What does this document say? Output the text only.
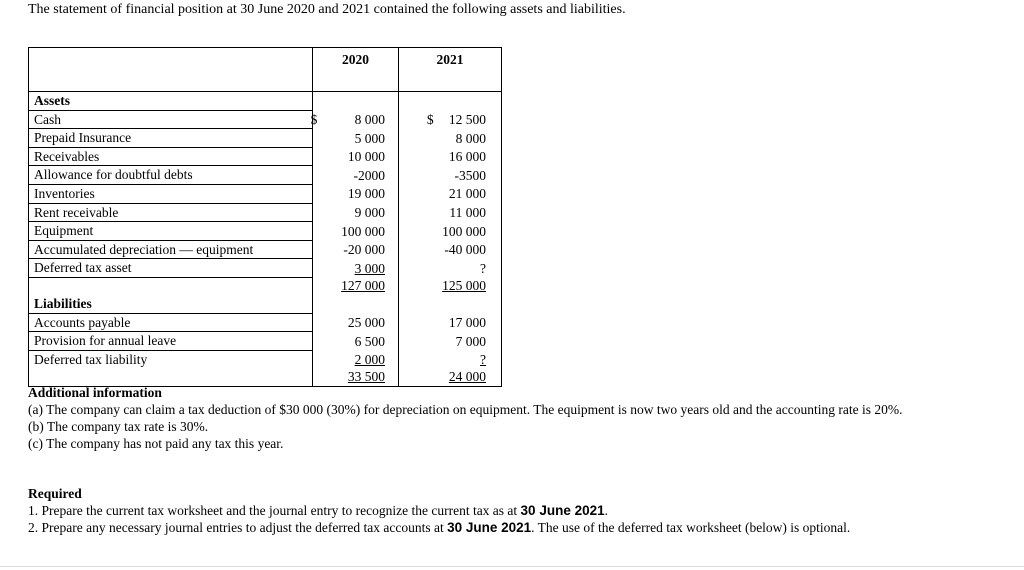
The statement of financial position at 30 June 2020 and 2021 contained the following assets and liabilities.
	2020	2021
Assets		
Cash	$ 8 000	$ 12 500

Prepaid Insurance	5 000	8 000

Receivables	10 000	16 000

Allowance for doubtful debts	-2000	-3500

Inventories	19 000	21 000

Rent receivable	9 000	11 000

Equipment	100 000	100 000

Accumulated depreciation — equipment	-20 000	-40 000

Deferred tax asset	3 000	?

	127 000	125 000

Liabilities		
Accounts payable	25 000	17 000

Provision for annual leave	6 500	7 000

Deferred tax liability	2 000	?

	33 500	24 000

Additional information

(a) The company can claim a tax deduction of $30 000 (30%) for depreciation on equipment. The equipment is now two years old and the accounting rate is 20%.

(b) The company tax rate is 30%.

(c) The company has not paid any tax this year.

Required

1. Prepare the current tax worksheet and the journal entry to recognize the current tax as at 30 June 2021.

2. Prepare any necessary journal entries to adjust the deferred tax accounts at 30 June 2021. The use of the deferred tax worksheet (below) is optional.
